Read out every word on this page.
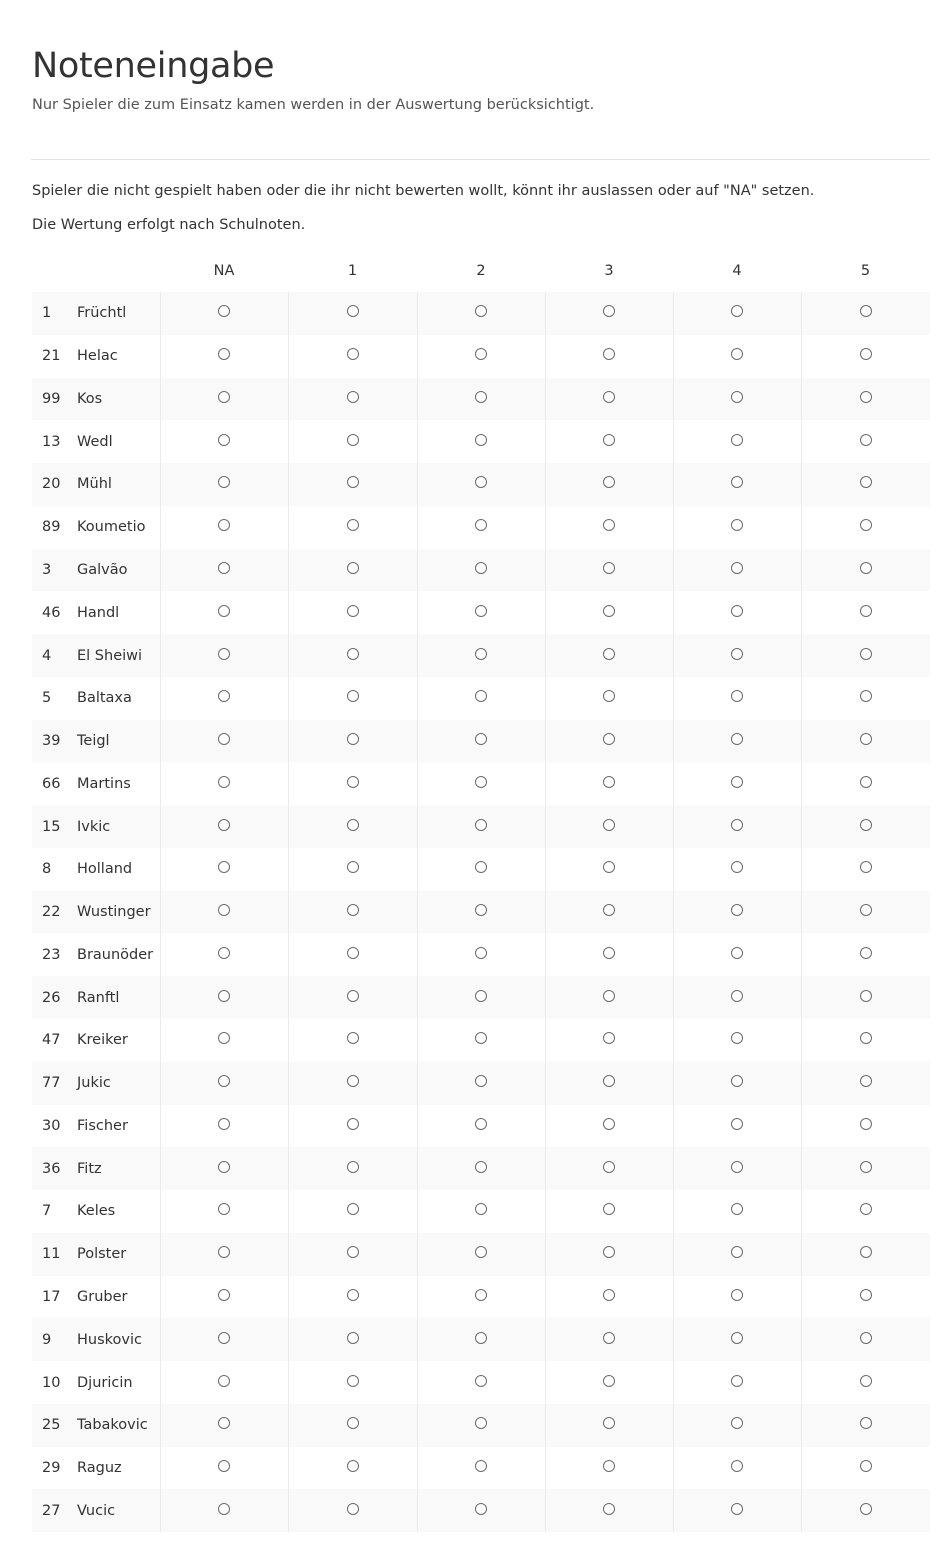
Noteneingabe

Nur Spieler die zum Einsatz kamen werden in der Auswertung berücksichtigt.

Spieler die nicht gespielt haben oder die ihr nicht bewerten wollt, könnt ihr auslassen oder auf "NA" setzen.

Die Wertung erfolgt nach Schulnoten.

	NA	1	2	3	4	5
1 Früchtl						
21 Helac						
99 Kos						
13 Wedl						
20 Mühl						
89 Koumetio						
3 Galvão						
46 Handl						
4 El Sheiwi						
5 Baltaxa						
39 Teigl						
66 Martins						
15 Ivkic						
8 Holland						
22 Wustinger						
23 Braunöder						
26 Ranftl						
47 Kreiker						
77 Jukic						
30 Fischer						
36 Fitz						
7 Keles						
11 Polster						
17 Gruber						
9 Huskovic						
10 Djuricin						
25 Tabakovic						
29 Raguz						
27 Vucic						
